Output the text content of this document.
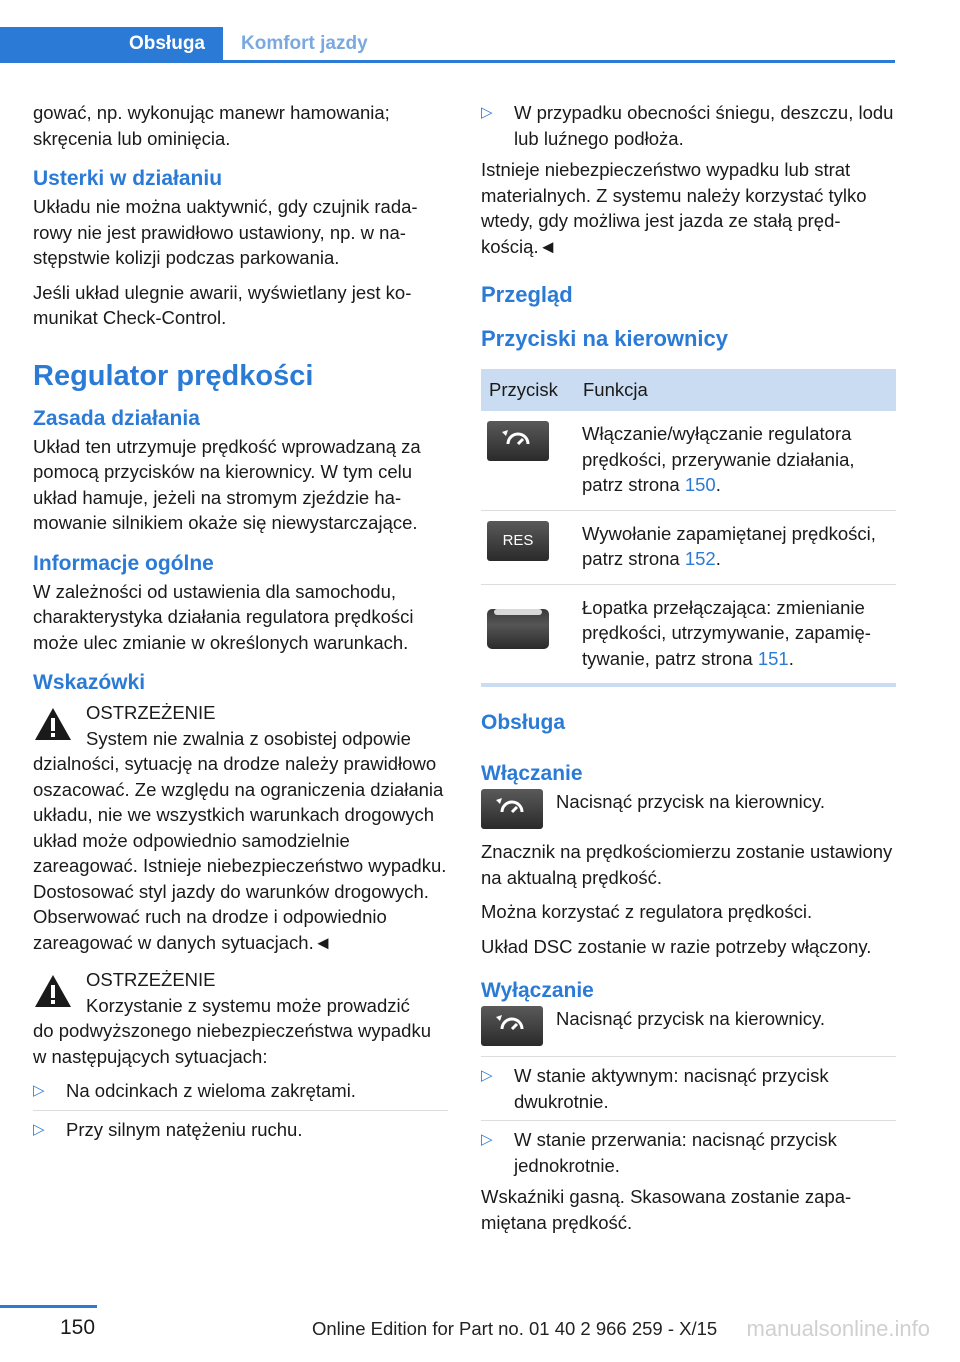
Obsługa	Komfort jazdy

gować, np. wykonując manewr hamowania; skręcenia lub ominięcia.

Usterki w działaniu

Układu nie można uaktywnić, gdy czujnik radarowy nie jest prawidłowo ustawiony, np. w następstwie kolizji podczas parkowania.

Jeśli układ ulegnie awarii, wyświetlany jest komunikat Check-Control.

Regulator prędkości
Zasada działania

Układ ten utrzymuje prędkość wprowadzaną za pomocą przycisków na kierownicy. W tym celu układ hamuje, jeżeli na stromym zjeździe hamowanie silnikiem okaże się niewystarczające.

Informacje ogólne

W zależności od ustawienia dla samochodu, charakterystyka działania regulatora prędkości może ulec zmianie w określonych warunkach.

Wskazówki
OSTRZEŻENIE
System nie zwalnia z osobistej odpowie

dzialności, sytuację na drodze należy prawidłowo oszacować. Ze względu na ograniczenia działania układu, nie we wszystkich warunkach drogowych układ może odpowiednio samodzielnie zareagować. Istnieje niebezpieczeństwo wypadku. Dostosować styl jazdy do warunków drogowych. Obserwować ruch na drodze i odpowiednio zareagować w danych sytuacjach.◄

OSTRZEŻENIE
Korzystanie z systemu może prowadzić

do podwyższonego niebezpieczeństwa wypadku w następujących sytuacjach:

▷ Na odcinkach z wieloma zakrętami.
▷ Przy silnym natężeniu ruchu.
▷ W przypadku obecności śniegu, deszczu, lodu lub luźnego podłoża.

Istnieje niebezpieczeństwo wypadku lub strat materialnych. Z systemu należy korzystać tylko wtedy, gdy możliwa jest jazda ze stałą prędkością.◄

Przegląd
Przyciski na kierownicy
Przycisk	Funkcja

	Włączanie/wyłączanie regulatora prędkości, przerywanie działania, patrz strona 150.

RES	Wywołanie zapamiętanej prędkości, patrz strona 152.

	Łopatka przełączająca: zmienianie prędkości, utrzymywanie, zapamiętywanie, patrz strona 151.
Obsługa
Włączanie
Nacisnąć przycisk na kierownicy.

Znacznik na prędkościomierzu zostanie ustawiony na aktualną prędkość.

Można korzystać z regulatora prędkości.

Układ DSC zostanie w razie potrzeby włączony.

Wyłączanie
Nacisnąć przycisk na kierownicy.
▷ W stanie aktywnym: nacisnąć przycisk dwukrotnie.
▷ W stanie przerwania: nacisnąć przycisk jednokrotnie.

Wskaźniki gasną. Skasowana zostanie zapamiętana prędkość.

150	Online Edition for Part no. 01 40 2 966 259 - X/15 manualsonline.info
